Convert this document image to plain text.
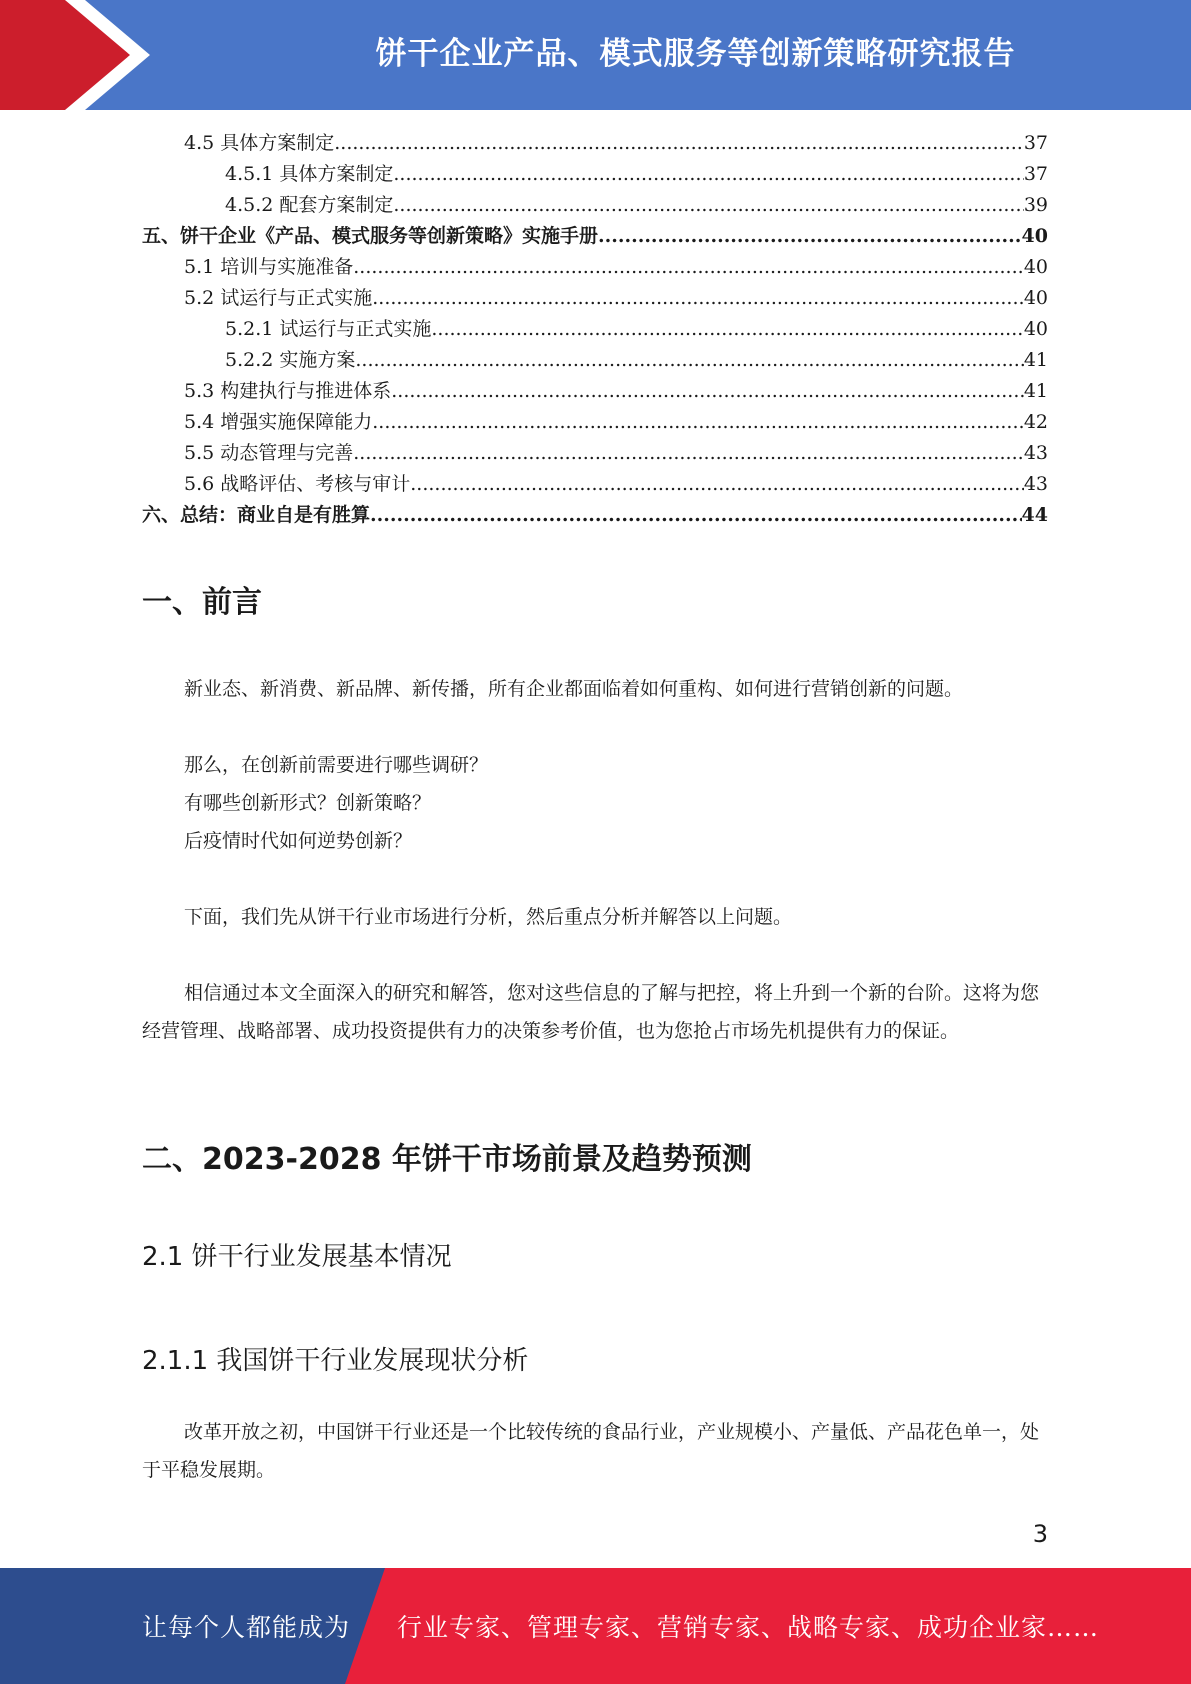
饼干企业产品、模式服务等创新策略研究报告
4.5 具体方案制定 .....	37
4.5.1 具体方案制定 .....	37
4.5.2 配套方案制定 .....	39
五、饼干企业《产品、模式服务等创新策略》实施手册 .....	40
5.1 培训与实施准备 .....	40
5.2 试运行与正式实施 .....	40
5.2.1 试运行与正式实施 .....	40
5.2.2 实施方案 .....	41
5.3 构建执行与推进体系 .....	41
5.4 增强实施保障能力 .....	42
5.5 动态管理与完善 .....	43
5.6 战略评估、考核与审计 .....	43
六、总结：商业自是有胜算 .....	44
一、前言

新业态、新消费、新品牌、新传播，所有企业都面临着如何重构、如何进行营销创新的问题。

那么，在创新前需要进行哪些调研？

有哪些创新形式？创新策略？

后疫情时代如何逆势创新？

下面，我们先从饼干行业市场进行分析，然后重点分析并解答以上问题。

相信通过本文全面深入的研究和解答，您对这些信息的了解与把控，将上升到一个新的台阶。这将为您经营管理、战略部署、成功投资提供有力的决策参考价值，也为您抢占市场先机提供有力的保证。

二、2023-2028 年饼干市场前景及趋势预测
2.1 饼干行业发展基本情况
2.1.1 我国饼干行业发展现状分析

改革开放之初，中国饼干行业还是一个比较传统的食品行业，产业规模小、产量低、产品花色单一，处于平稳发展期。

3
让每个人都能成为 行业专家、管理专家、营销专家、战略专家、成功企业家……
